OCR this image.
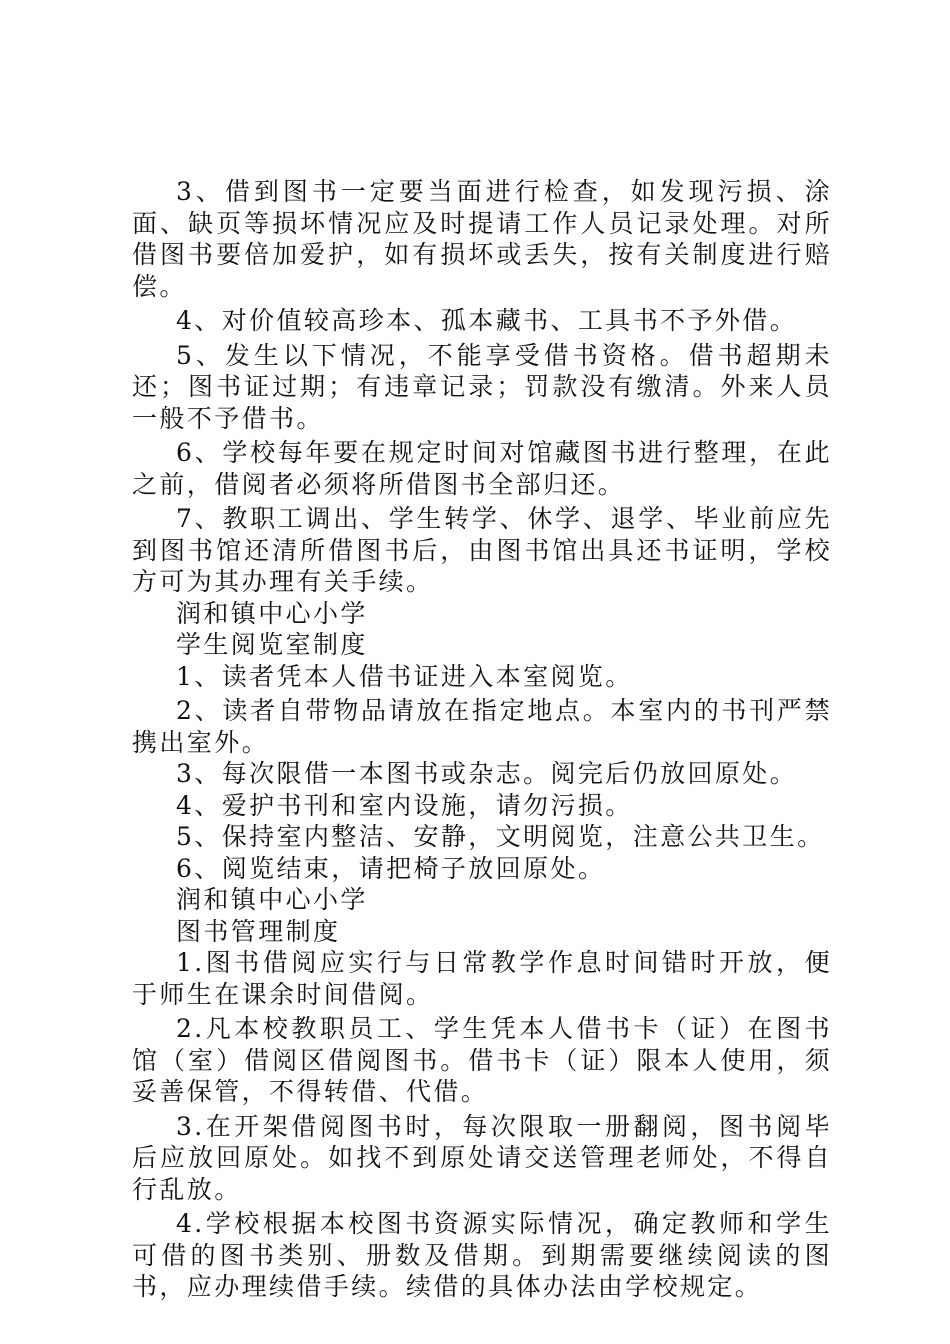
3、借到图书一定要当面进行检查，如发现污损、涂面、缺页等损坏情况应及时提请工作人员记录处理。对所借图书要倍加爱护，如有损坏或丢失，按有关制度进行赔偿。

4、对价值较高珍本、孤本藏书、工具书不予外借。

5、发生以下情况，不能享受借书资格。借书超期未还；图书证过期；有违章记录；罚款没有缴清。外来人员一般不予借书。

6、学校每年要在规定时间对馆藏图书进行整理，在此之前，借阅者必须将所借图书全部归还。

7、教职工调出、学生转学、休学、退学、毕业前应先到图书馆还清所借图书后，由图书馆出具还书证明，学校方可为其办理有关手续。

润和镇中心小学

学生阅览室制度

1、读者凭本人借书证进入本室阅览。

2、读者自带物品请放在指定地点。本室内的书刊严禁携出室外。

3、每次限借一本图书或杂志。阅完后仍放回原处。

4、爱护书刊和室内设施，请勿污损。

5、保持室内整洁、安静，文明阅览，注意公共卫生。

6、阅览结束，请把椅子放回原处。

润和镇中心小学

图书管理制度

1.图书借阅应实行与日常教学作息时间错时开放，便于师生在课余时间借阅。

2.凡本校教职员工、学生凭本人借书卡（证）在图书馆（室）借阅区借阅图书。借书卡（证）限本人使用，须妥善保管，不得转借、代借。

3.在开架借阅图书时，每次限取一册翻阅，图书阅毕后应放回原处。如找不到原处请交送管理老师处，不得自行乱放。

4.学校根据本校图书资源实际情况，确定教师和学生可借的图书类别、册数及借期。到期需要继续阅读的图书，应办理续借手续。续借的具体办法由学校规定。
